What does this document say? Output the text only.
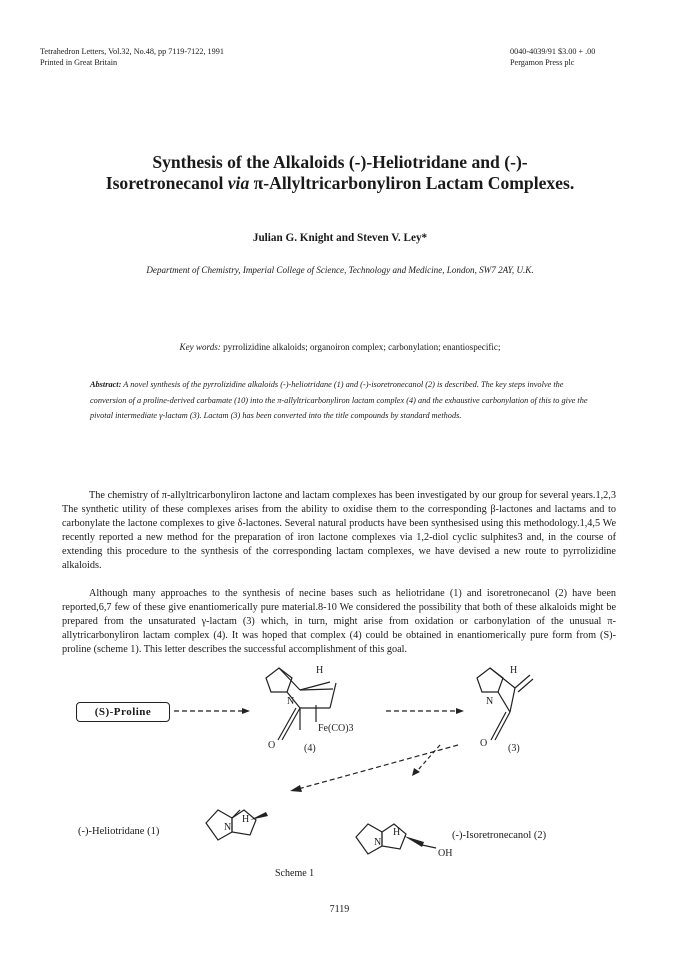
Tetrahedron Letters, Vol.32, No.48, pp 7119-7122, 1991
Printed in Great Britain
0040-4039/91 $3.00 + .00
Pergamon Press plc
Synthesis of the Alkaloids (-)-Heliotridane and (-)-
Isoretronecanol via π-Allyltricarbonyliron Lactam Complexes.
Julian G. Knight and Steven V. Ley*
Department of Chemistry, Imperial College of Science, Technology and Medicine, London, SW7 2AY, U.K.
Key words: pyrrolizidine alkaloids; organoiron complex; carbonylation; enantiospecific;
Abstract: A novel synthesis of the pyrrolizidine alkaloids (-)-heliotridane (1) and (-)-isoretronecanol (2) is described. The key steps involve the conversion of a proline-derived carbamate (10) into the π-allyltricarbonyliron lactam complex (4) and the exhaustive carbonylation of this to give the pivotal intermediate γ-lactam (3). Lactam (3) has been converted into the title compounds by standard methods.

The chemistry of π-allyltricarbonyliron lactone and lactam complexes has been investigated by our group for several years.1,2,3 The synthetic utility of these complexes arises from the ability to oxidise them to the corresponding β-lactones and lactams and to carbonylate the lactone complexes to give δ-lactones. Several natural products have been synthesised using this methodology.1,4,5 We recently reported a new method for the preparation of iron lactone complexes via 1,2-diol cyclic sulphites3 and, in the course of extending this procedure to the synthesis of the corresponding lactam complexes, we have devised a new route to pyrrolizidine alkaloids.

Although many approaches to the synthesis of necine bases such as heliotridane (1) and isoretronecanol (2) have been reported,6,7 few of these give enantiomerically pure material.8-10 We considered the possibility that both of these alkaloids might be prepared from the unsaturated γ-lactam (3) which, in turn, might arise from oxidation or carbonylation of the unusual π-allytricarbonyliron lactam complex (4). It was hoped that complex (4) could be obtained in enantiomerically pure form from (S)-proline (scheme 1). This letter describes the successful accomplishment of this goal.

(S)-Proline
H
N
O
Fe(CO)3
(4)
H
N
O (3)
H
N	H
N
OH
(-)-Heliotridane (1)	(-)-Isoretronecanol (2)
Scheme 1
7119
